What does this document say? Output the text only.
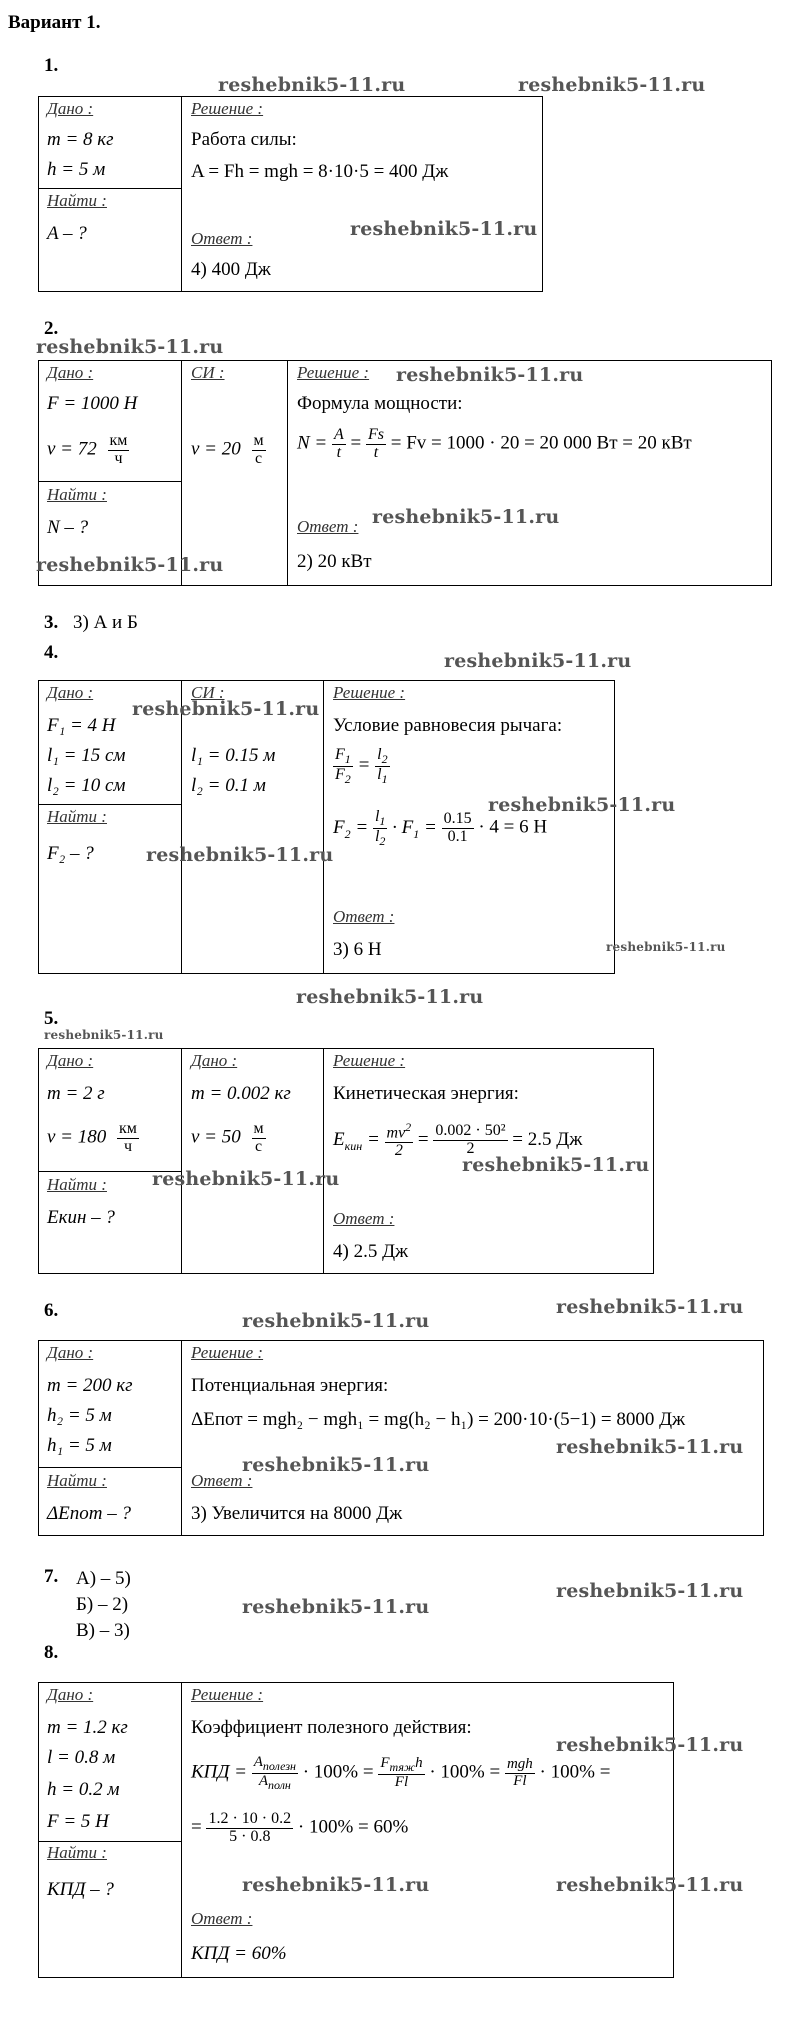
Вариант 1.
1.
Дано :
m = 8 кг
h = 5 м
Найти :
A – ?
Решение :
Работа силы:
A = Fh = mgh = 8·10·5 = 400 Дж
Ответ :
4) 400 Дж
2.
Дано :
F = 1000 Н
$v = 72 \frac{км}{ч}$
Найти :
N – ?
СИ :
$v = 20 \frac{м}{с}$
Решение :
Формула мощности:
$N = \frac{A}{t} = \frac{Fs}{t} = Fv = 1000 \cdot 20 = 20$ 000 Вт = 20 кВт
Ответ :
2) 20 кВт
3. 3) А и Б
4.
Дано :
F₁ = 4 Н
l₁ = 15 см
l₂ = 10 см
Найти :
F₂ – ?
СИ :
l₁ = 0.15 м
l₂ = 0.1 м
Решение :
Условие равновесия рычага:
$\frac{F_1}{F_2} = \frac{l_2}{l_1}$
$F_2 = \frac{l_1}{l_2} \cdot F_1 = \frac{0.15}{0.1} \cdot 4 = 6$ Н
Ответ :
3) 6 Н
5.
Дано :
m = 2 г
$v = 180 \frac{км}{ч}$
Найти :
Eкин – ?
Дано :
m = 0.002 кг
$v = 50 \frac{м}{с}$
Решение :
Кинетическая энергия:
$E_{кин} = \frac{mv^2}{2} = \frac{\text{0.002 · 50²}}{2} = 2.5$ Дж
Ответ :
4) 2.5 Дж
6.
Дано :
m = 200 кг
h₂ = 5 м
h₁ = 5 м
Найти :
ΔEпот – ?
Решение :
Потенциальная энергия:
ΔEпот = mgh₂ − mgh₁ = mg(h₂ − h₁) = 200·10·(5−1) = 8000 Дж
Ответ :
3) Увеличится на 8000 Дж
7. А) – 5)
Б) – 2)
В) – 3)
8.
Дано :
m = 1.2 кг
l = 0.8 м
h = 0.2 м
F = 5 Н
Найти :
КПД – ?
Решение :
Коэффициент полезного действия:
КПД = $\frac{A_{полезн}}{A_{полн}} \cdot 100\% = \frac{F_{тяж}h}{Fl} \cdot 100\% = \frac{\text{mgh}}{Fl} \cdot 100\%$ =
= $\frac{1.2 \cdot 10 \cdot 0.2}{5 \cdot 0.8} \cdot 100\% = 60\%$
Ответ :
КПД = 60%
reshebnik5-11.ru	reshebnik5-11.ru
reshebnik5-11.ru
reshebnik5-11.ru
reshebnik5-11.ru
reshebnik5-11.ru
reshebnik5-11.ru
reshebnik5-11.ru
reshebnik5-11.ru
reshebnik5-11.ru
reshebnik5-11.ru
reshebnik5-11.ru
reshebnik5-11.ru
reshebnik5-11.ru
reshebnik5-11.ru
reshebnik5-11.ru
reshebnik5-11.ru
reshebnik5-11.ru
reshebnik5-11.ru
reshebnik5-11.ru
reshebnik5-11.ru
reshebnik5-11.ru
reshebnik5-11.ru
reshebnik5-11.ru
reshebnik5-11.ru
